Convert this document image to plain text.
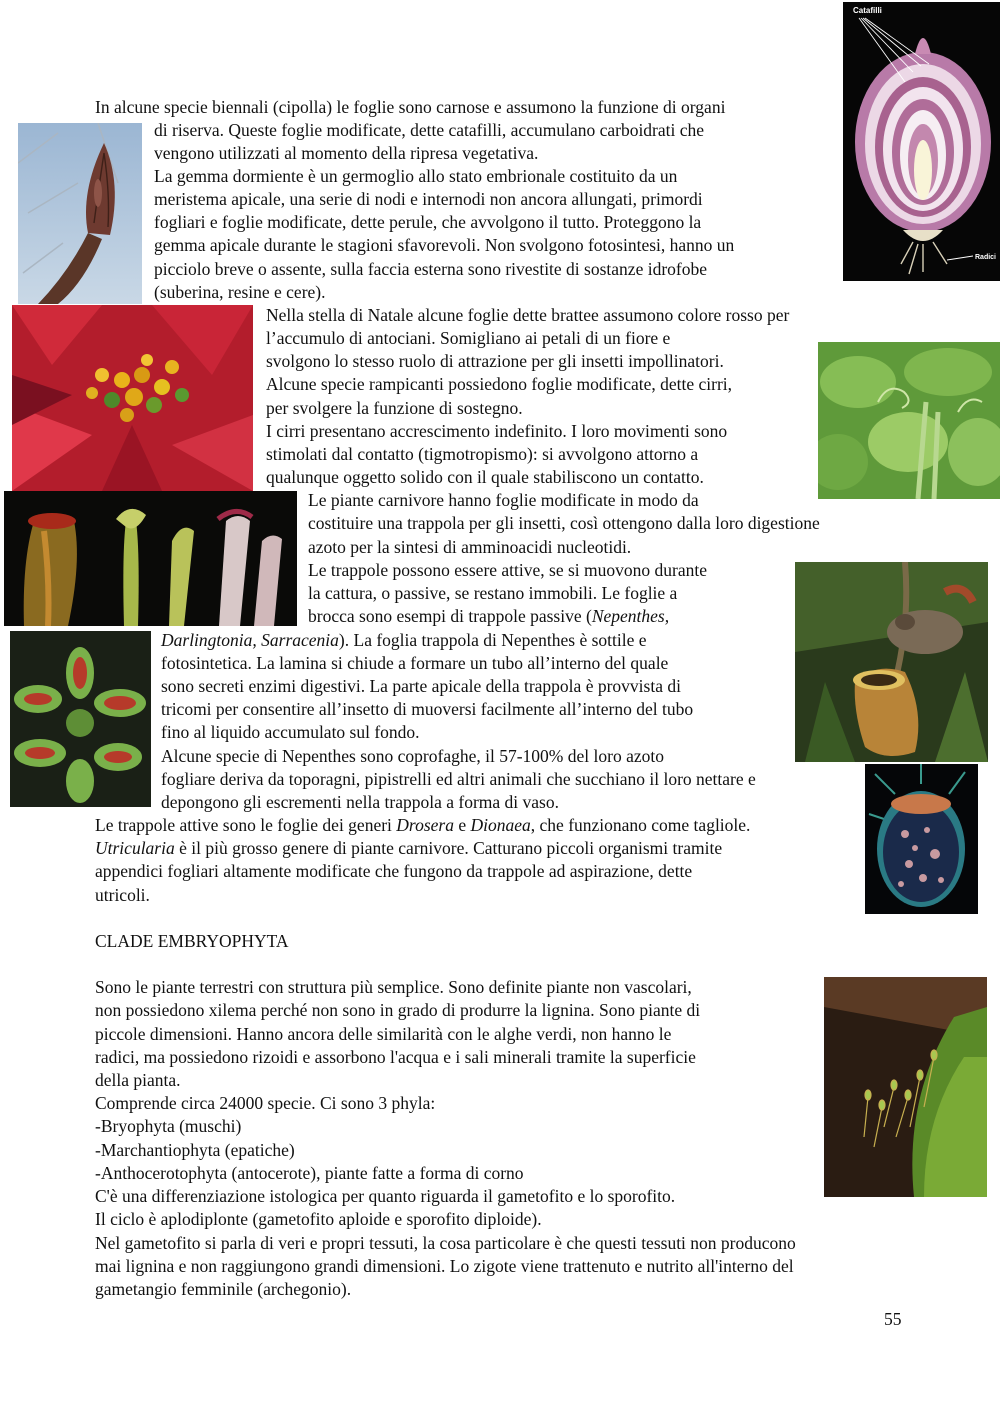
Catafilli
Radici
In alcune specie biennali (cipolla) le foglie sono carnose e assumono la funzione di organi
di riserva. Queste foglie modificate, dette catafilli, accumulano carboidrati che
vengono utilizzati al momento della ripresa vegetativa.
La gemma dormiente è un germoglio allo stato embrionale costituito da un
meristema apicale, una serie di nodi e internodi non ancora allungati, primordi
fogliari e foglie modificate, dette perule, che avvolgono il tutto. Proteggono la
gemma apicale durante le stagioni sfavorevoli. Non svolgono fotosintesi, hanno un
picciolo breve o assente, sulla faccia esterna sono rivestite di sostanze idrofobe
(suberina, resine e cere).
Nella stella di Natale alcune foglie dette brattee assumono colore rosso per
l’accumulo di antociani. Somigliano ai petali di un fiore e
svolgono lo stesso ruolo di attrazione per gli insetti impollinatori.
Alcune specie rampicanti possiedono foglie modificate, dette cirri,
per svolgere la funzione di sostegno.
I cirri presentano accrescimento indefinito. I loro movimenti sono
stimolati dal contatto (tigmotropismo): si avvolgono attorno a
qualunque oggetto solido con il quale stabiliscono un contatto.
Le piante carnivore hanno foglie modificate in modo da
costituire una trappola per gli insetti, così ottengono dalla loro digestione
azoto per la sintesi di amminoacidi nucleotidi.
Le trappole possono essere attive, se si muovono durante
la cattura, o passive, se restano immobili. Le foglie a
brocca sono esempi di trappole passive (Nepenthes,
Darlingtonia, Sarracenia). La foglia trappola di Nepenthes è sottile e
fotosintetica. La lamina si chiude a formare un tubo all’interno del quale
sono secreti enzimi digestivi. La parte apicale della trappola è provvista di
tricomi per consentire all’insetto di muoversi facilmente all’interno del tubo
fino al liquido accumulato sul fondo.
Alcune specie di Nepenthes sono coprofaghe, il 57-100% del loro azoto
fogliare deriva da toporagni, pipistrelli ed altri animali che succhiano il loro nettare e
depongono gli escrementi nella trappola a forma di vaso.
Le trappole attive sono le foglie dei generi Drosera e Dionaea, che funzionano come tagliole.
Utricularia è il più grosso genere di piante carnivore. Catturano piccoli organismi tramite
appendici fogliari altamente modificate che fungono da trappole ad aspirazione, dette
utricoli.
CLADE EMBRYOPHYTA
Sono le piante terrestri con struttura più semplice. Sono definite piante non vascolari,
non possiedono xilema perché non sono in grado di produrre la lignina. Sono piante di
piccole dimensioni. Hanno ancora delle similarità con le alghe verdi, non hanno le
radici, ma possiedono rizoidi e assorbono l'acqua e i sali minerali tramite la superficie
della pianta.
Comprende circa 24000 specie. Ci sono 3 phyla:
-Bryophyta (muschi)
-Marchantiophyta (epatiche)
-Anthocerotophyta (antocerote), piante fatte a forma di corno
C'è una differenziazione istologica per quanto riguarda il gametofito e lo sporofito.
Il ciclo è aplodiplonte (gametofito aploide e sporofito diploide).
Nel gametofito si parla di veri e propri tessuti, la cosa particolare è che questi tessuti non producono
mai lignina e non raggiungono grandi dimensioni. Lo zigote viene trattenuto e nutrito all'interno del
gametangio femminile (archegonio).
55
